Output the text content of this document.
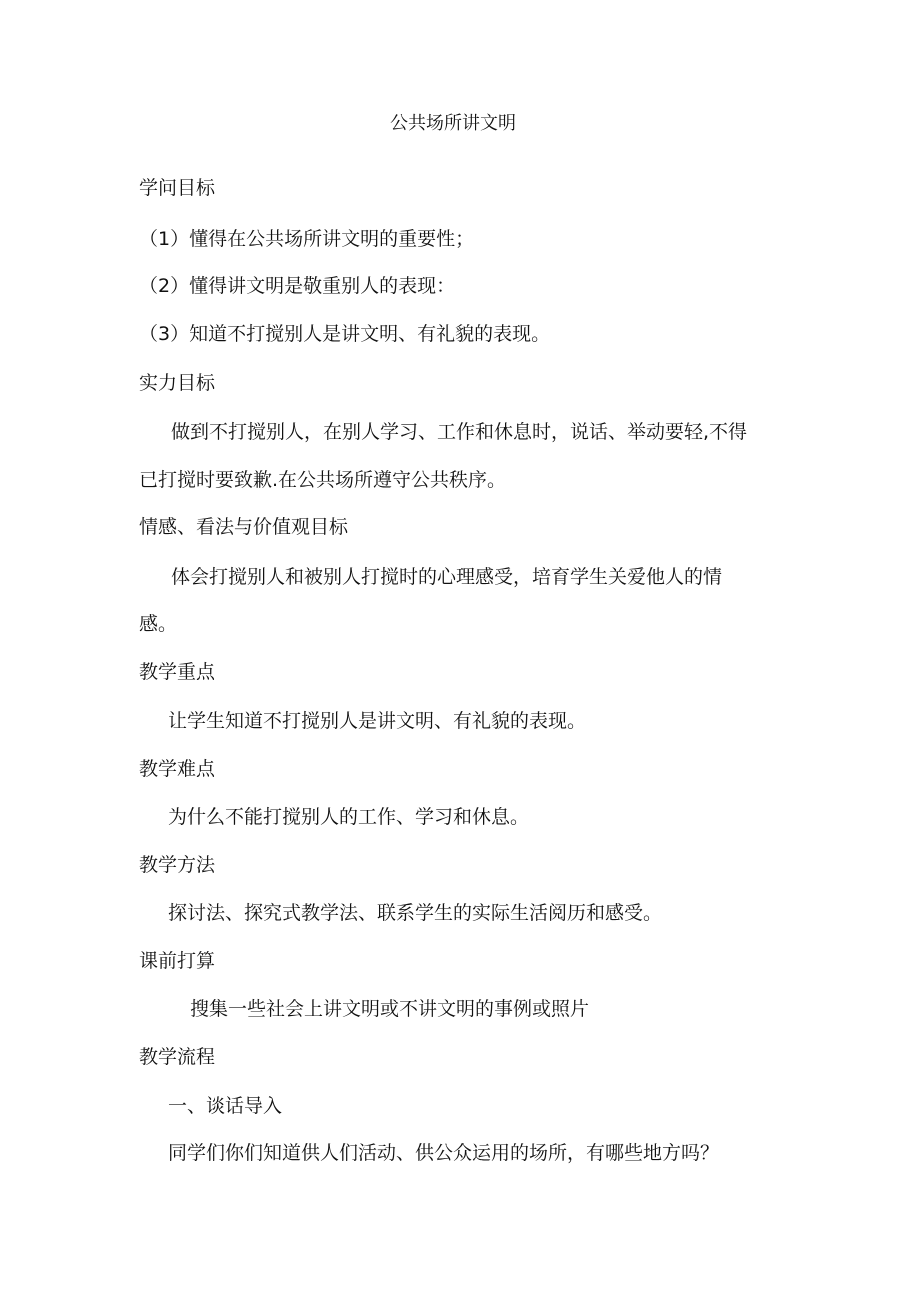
公共场所讲文明
学问目标
（1）懂得在公共场所讲文明的重要性；
（2）懂得讲文明是敬重别人的表现：
（3）知道不打搅别人是讲文明、有礼貌的表现。
实力目标
做到不打搅别人，在别人学习、工作和休息时，说话、举动要轻,不得
已打搅时要致歉.在公共场所遵守公共秩序。
情感、看法与价值观目标
体会打搅别人和被别人打搅时的心理感受，培育学生关爱他人的情
感。
教学重点
让学生知道不打搅别人是讲文明、有礼貌的表现。
教学难点
为什么不能打搅别人的工作、学习和休息。
教学方法
探讨法、探究式教学法、联系学生的实际生活阅历和感受。
课前打算
搜集一些社会上讲文明或不讲文明的事例或照片
教学流程
一、谈话导入
同学们你们知道供人们活动、供公众运用的场所，有哪些地方吗？
